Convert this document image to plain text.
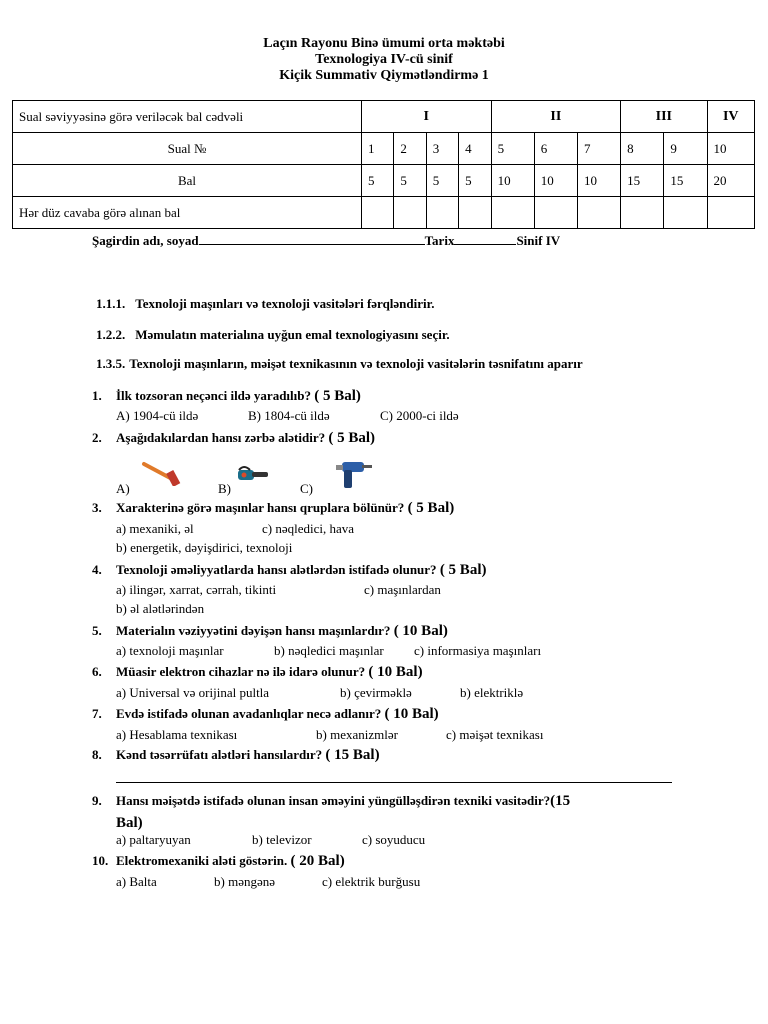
Laçın Rayonu Binə ümumi orta məktəbi
Texnologiya IV-cü sinif
Kiçik Summativ Qiymətləndirmə 1
Sual səviyyəsinə görə veriləcək bal cədvəli	I				II			III		IV
Sual №	1	2	3	4	5	6	7	8	9	10
Bal	5	5	5	5	10	10	10	15	15	20
Hər düz cavaba görə alınan bal										
Şagirdin adı, soyad	Tarix	Sinif IV
1.1.1. Texnoloji maşınları və texnoloji vasitələri fərqləndirir.
1.2.2. Məmulatın materialına uyğun emal texnologiyasını seçir.
1.3.5. Texnoloji maşınların, məişət texnikasının və texnoloji vasitələrin təsnifatını aparır
1. İlk tozsoran neçənci ildə yaradılıb? ( 5 Bal)
A) 1904-cü ildə	B) 1804-cü ildə	C) 2000-ci ildə
2. Aşağıdakılardan hansı zərbə alətidir? ( 5 Bal)
A)	B)	C)
3. Xarakterinə görə maşınlar hansı qruplara bölünür? ( 5 Bal)
a) mexaniki, əl	c) nəqledici, hava
b) energetik, dəyişdirici, texnoloji
4. Texnoloji əməliyyatlarda hansı alətlərdən istifadə olunur? ( 5 Bal)
a) ilingər, xarrat, cərrah, tikinti	c) maşınlardan
b) əl alətlərindən
5. Materialın vəziyyətini dəyişən hansı maşınlardır? ( 10 Bal)
a) texnoloji maşınlar	b) nəqledici maşınlar c) informasiya maşınları
6. Müasir elektron cihazlar nə ilə idarə olunur? ( 10 Bal)
a) Universal və orijinal pultla	b) çevirməklə	b) elektriklə
7. Evdə istifadə olunan avadanlıqlar necə adlanır? ( 10 Bal)
a) Hesablama texnikası	b) mexanizmlər	c) məişət texnikası
8. Kənd təsərrüfatı alətləri hansılardır? ( 15 Bal)
9. Hansı məişətdə istifadə olunan insan əməyini yüngülləşdirən texniki vasitədir?(15
Bal)
a) paltaryuyan	b) televizor	c) soyuducu
10. Elektromexaniki aləti göstərin. ( 20 Bal)
a) Balta	b) məngənə	c) elektrik burğusu
